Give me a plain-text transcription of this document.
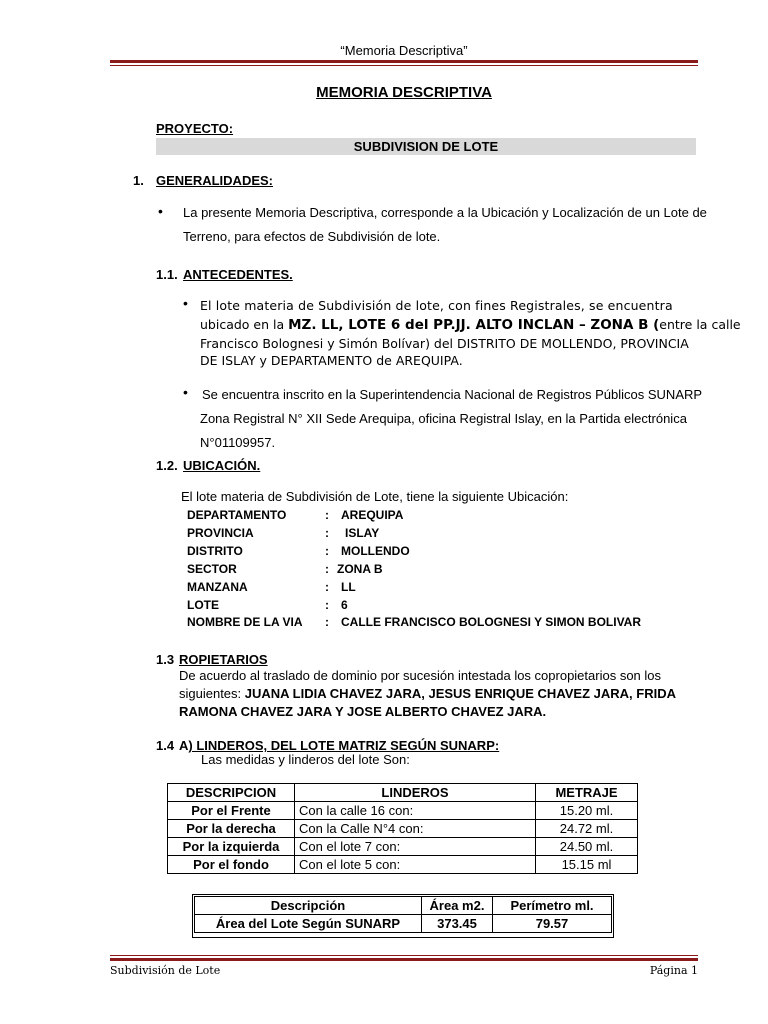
“Memoria Descriptiva”
MEMORIA DESCRIPTIVA
PROYECTO:
SUBDIVISION DE LOTE
1. GENERALIDADES:
• La presente Memoria Descriptiva, corresponde a la Ubicación y Localización de un Lote de
Terreno, para efectos de Subdivisión de lote.
1.1. ANTECEDENTES.
• El lote materia de Subdivisión de lote, con fines Registrales, se encuentra
ubicado en la MZ. LL, LOTE 6 del PP.JJ. ALTO INCLAN – ZONA B (entre la calle
Francisco Bolognesi y Simón Bolívar) del DISTRITO DE MOLLENDO, PROVINCIA
DE ISLAY y DEPARTAMENTO de AREQUIPA.
• Se encuentra inscrito en la Superintendencia Nacional de Registros Públicos SUNARP
Zona Registral N° XII Sede Arequipa, oficina Registral Islay, en la Partida electrónica
N°01109957.
1.2. UBICACIÓN.
El lote materia de Subdivisión de Lote, tiene la siguiente Ubicación:
DEPARTAMENTO	: AREQUIPA
PROVINCIA	: ISLAY
DISTRITO	: MOLLENDO
SECTOR	: ZONA B
MANZANA	: LL
LOTE	: 6
NOMBRE DE LA VIA	: CALLE FRANCISCO BOLOGNESI Y SIMON BOLIVAR
1.3 ROPIETARIOS
De acuerdo al traslado de dominio por sucesión intestada los copropietarios son los
siguientes: JUANA LIDIA CHAVEZ JARA, JESUS ENRIQUE CHAVEZ JARA, FRIDA
RAMONA CHAVEZ JARA Y JOSE ALBERTO CHAVEZ JARA.
1.4 A) LINDEROS, DEL LOTE MATRIZ SEGÚN SUNARP:
Las medidas y linderos del lote Son:
DESCRIPCION	LINDEROS	METRAJE
Por el Frente	Con la calle 16 con:	15.20 ml.
Por la derecha	Con la Calle N°4 con:	24.72 ml.
Por la izquierda	Con el lote 7 con:	24.50 ml.
Por el fondo	Con el lote 5 con:	15.15 ml
Descripción	Área m2.	Perímetro ml.
Área del Lote Según SUNARP	373.45	79.57
Subdivisión de Lote	Página 1
